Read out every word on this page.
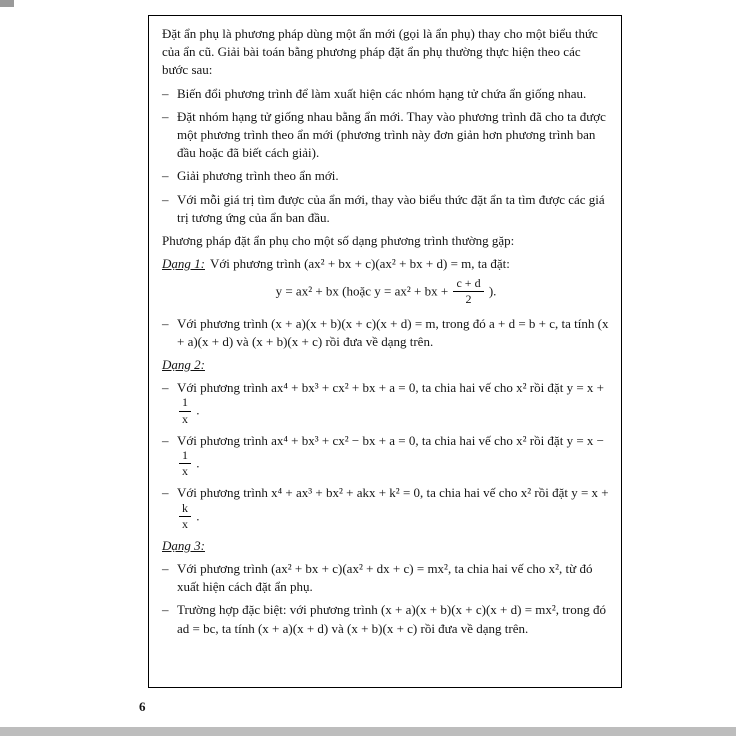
Đặt ẩn phụ là phương pháp dùng một ẩn mới (gọi là ẩn phụ) thay cho một biểu thức của ẩn cũ. Giải bài toán bằng phương pháp đặt ẩn phụ thường thực hiện theo các bước sau:

– Biến đổi phương trình để làm xuất hiện các nhóm hạng tử chứa ẩn giống nhau.
– Đặt nhóm hạng tử giống nhau bằng ẩn mới. Thay vào phương trình đã cho ta được một phương trình theo ẩn mới (phương trình này đơn giản hơn phương trình ban đầu hoặc đã biết cách giải).
– Giải phương trình theo ẩn mới.
– Với mỗi giá trị tìm được của ẩn mới, thay vào biểu thức đặt ẩn ta tìm được các giá trị tương ứng của ẩn ban đầu.

Phương pháp đặt ẩn phụ cho một số dạng phương trình thường gặp:

Dạng 1: Với phương trình (ax² + bx + c)(ax² + bx + d) = m, ta đặt:
y = ax² + bx (hoặc y = ax² + bx + $\frac{c + d}{2}$ ).
– Với phương trình (x + a)(x + b)(x + c)(x + d) = m, trong đó a + d = b + c, ta tính (x + a)(x + d) và (x + b)(x + c) rồi đưa về dạng trên.
Dạng 2:
– Với phương trình ax⁴ + bx³ + cx² + bx + a = 0, ta chia hai vế cho x² rồi đặt y = x +
$\frac{1}{x}$ .
– Với phương trình ax⁴ + bx³ + cx² − bx + a = 0, ta chia hai vế cho x² rồi đặt y = x −
$\frac{1}{x}$ .
– Với phương trình x⁴ + ax³ + bx² + akx + k² = 0, ta chia hai vế cho x² rồi đặt y = x +
$\frac{k}{x}$ .
Dạng 3:
– Với phương trình (ax² + bx + c)(ax² + dx + c) = mx², ta chia hai vế cho x², từ đó xuất hiện cách đặt ẩn phụ.
– Trường hợp đặc biệt: với phương trình (x + a)(x + b)(x + c)(x + d) = mx², trong đó ad = bc, ta tính (x + a)(x + d) và (x + b)(x + c) rồi đưa về dạng trên.
6
